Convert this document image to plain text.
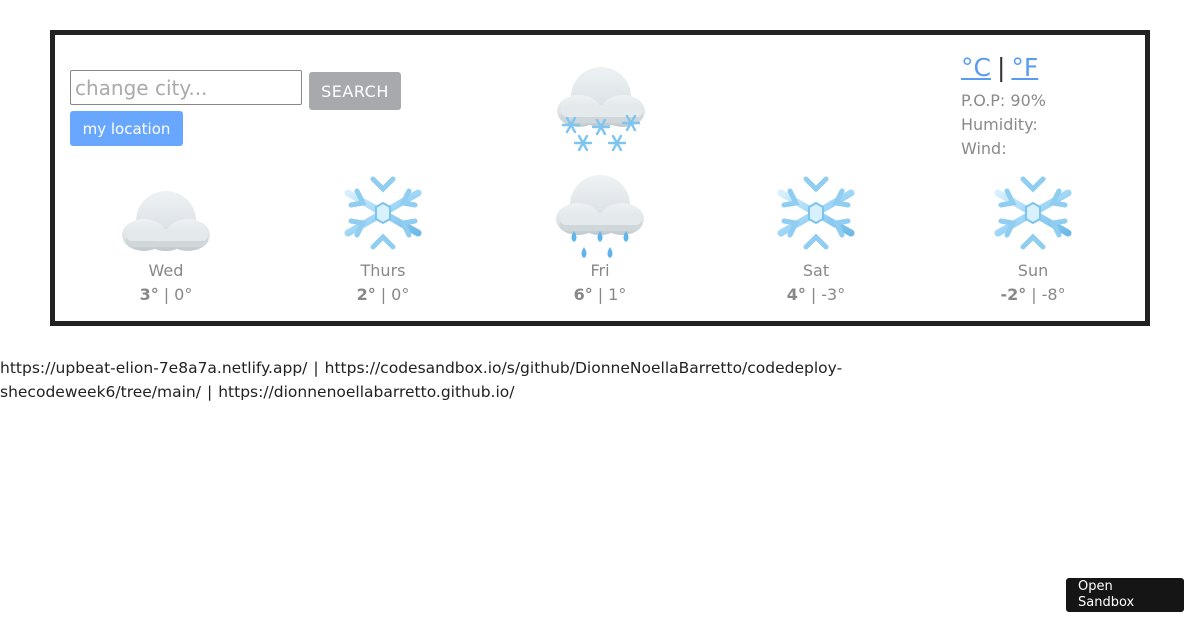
change city...
SEARCH
my location
°C | °F
P.O.P: 90%
Humidity:
Wind:
Wed
3° | 0°
Thurs
2° | 0°
Fri
6° | 1°
Sat
4° | -3°
Sun
-2° | -8°
https://upbeat-elion-7e8a7a.netlify.app/ | https://codesandbox.io/s/github/DionneNoellaBarretto/codedeploy-shecodeweek6/tree/main/ | https://dionnenoellabarretto.github.io/
Open Sandbox
